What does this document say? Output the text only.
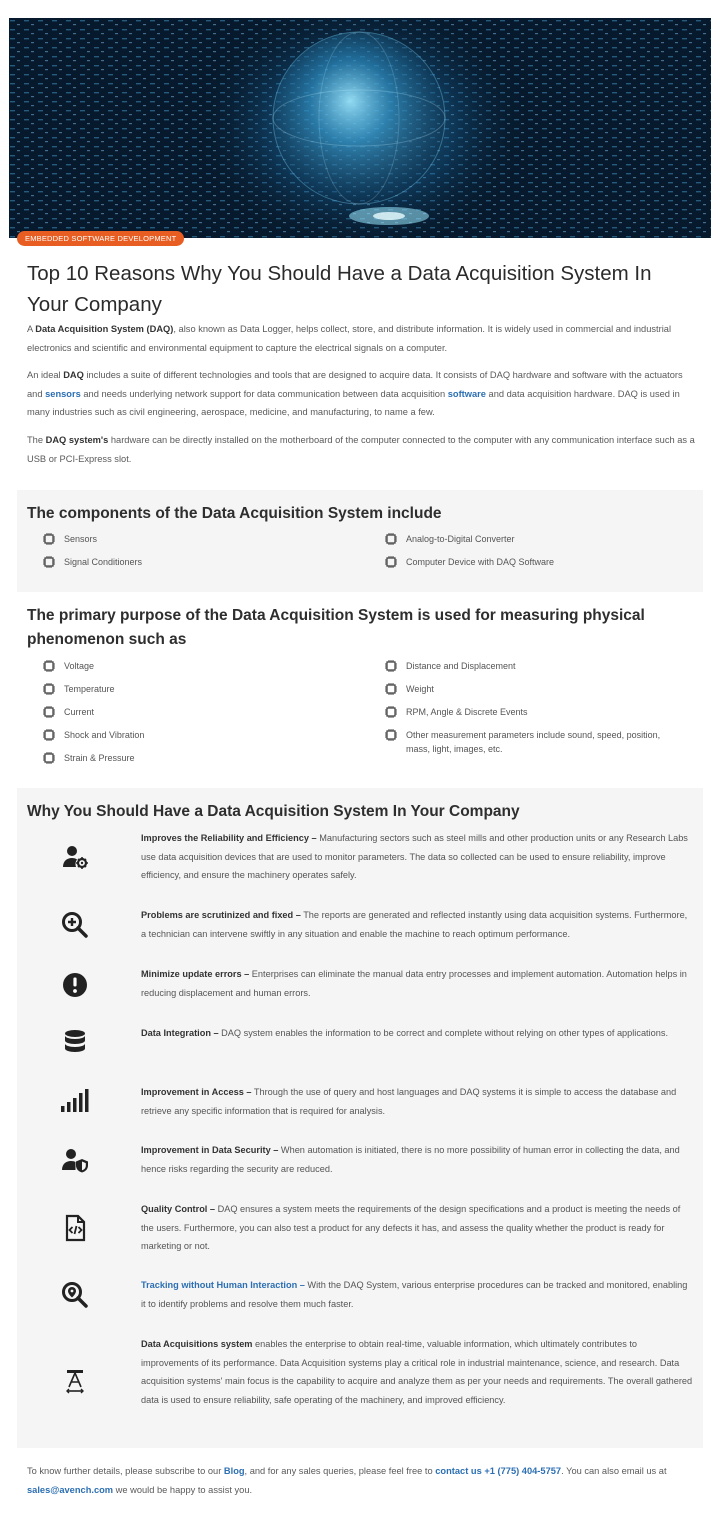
EMBEDDED SOFTWARE DEVELOPMENT
Top 10 Reasons Why You Should Have a Data Acquisition System In Your Company

A Data Acquisition System (DAQ), also known as Data Logger, helps collect, store, and distribute information. It is widely used in commercial and industrial electronics and scientific and environmental equipment to capture the electrical signals on a computer.

An ideal DAQ includes a suite of different technologies and tools that are designed to acquire data. It consists of DAQ hardware and software with the actuators and sensors and needs underlying network support for data communication between data acquisition software and data acquisition hardware. DAQ is used in many industries such as civil engineering, aerospace, medicine, and manufacturing, to name a few.

The DAQ system's hardware can be directly installed on the motherboard of the computer connected to the computer with any communication interface such as a USB or PCI-Express slot.

The components of the Data Acquisition System include
Sensors	Analog-to-Digital Converter
Signal Conditioners	Computer Device with DAQ Software
The primary purpose of the Data Acquisition System is used for measuring physical phenomenon such as
Voltage
Temperature
Current
Shock and Vibration
Strain & Pressure
Distance and Displacement
Weight
RPM, Angle & Discrete Events
Other measurement parameters include sound, speed, position, mass, light, images, etc.
Why You Should Have a Data Acquisition System In Your Company

Improves the Reliability and Efficiency – Manufacturing sectors such as steel mills and other production units or any Research Labs use data acquisition devices that are used to monitor parameters. The data so collected can be used to ensure reliability, improve efficiency, and ensure the machinery operates safely.

Problems are scrutinized and fixed – The reports are generated and reflected instantly using data acquisition systems. Furthermore, a technician can intervene swiftly in any situation and enable the machine to reach optimum performance.

Minimize update errors – Enterprises can eliminate the manual data entry processes and implement automation. Automation helps in reducing displacement and human errors.

Data Integration – DAQ system enables the information to be correct and complete without relying on other types of applications.

Improvement in Access – Through the use of query and host languages and DAQ systems it is simple to access the database and retrieve any specific information that is required for analysis.

Improvement in Data Security – When automation is initiated, there is no more possibility of human error in collecting the data, and hence risks regarding the security are reduced.

Quality Control – DAQ ensures a system meets the requirements of the design specifications and a product is meeting the needs of the users. Furthermore, you can also test a product for any defects it has, and assess the quality whether the product is ready for marketing or not.

Tracking without Human Interaction – With the DAQ System, various enterprise procedures can be tracked and monitored, enabling it to identify problems and resolve them much faster.

Data Acquisitions system enables the enterprise to obtain real-time, valuable information, which ultimately contributes to improvements of its performance. Data Acquisition systems play a critical role in industrial maintenance, science, and research. Data acquisition systems' main focus is the capability to acquire and analyze them as per your needs and requirements. The overall gathered data is used to ensure reliability, safe operating of the machinery, and improved efficiency.

To know further details, please subscribe to our Blog, and for any sales queries, please feel free to contact us +1 (775) 404-5757. You can also email us at sales@avench.com we would be happy to assist you.
